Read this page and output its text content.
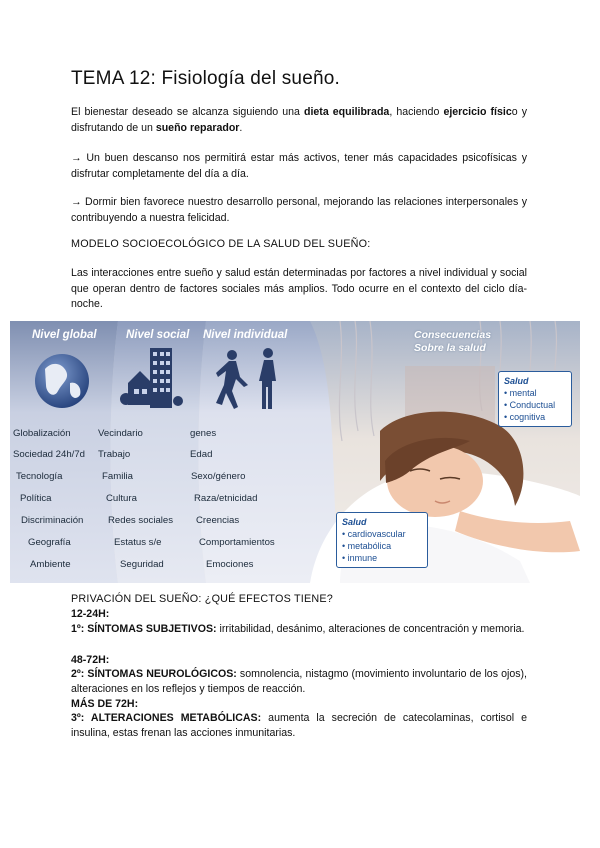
TEMA 12: Fisiología del sueño.

El bienestar deseado se alcanza siguiendo una dieta equilibrada, haciendo ejercicio físico y disfrutando de un sueño reparador.

→ Un buen descanso nos permitirá estar más activos, tener más capacidades psicofísicas y disfrutar completamente del día a día.

→ Dormir bien favorece nuestro desarrollo personal, mejorando las relaciones interpersonales y contribuyendo a nuestra felicidad.

MODELO SOCIOECOLÓGICO DE LA SALUD DEL SUEÑO:

Las interacciones entre sueño y salud están determinadas por factores a nivel individual y social que operan dentro de factores sociales más amplios. Todo ocurre en el contexto del ciclo día-noche.

Nivel global	Nivel social Nivel individual	Consecuencias
Sobre la salud
Globalización
Sociedad 24h/7d
Tecnología
Política
Discriminación
Geografía
Ambiente
Vecindario
Trabajo
Familia
Cultura
Redes sociales
Estatus s/e
Seguridad
genes
Edad
Sexo/género
Raza/etnicidad
Creencias
Comportamientos
Emociones
Salud
• mental
• Conductual
• cognitiva
Salud
• cardiovascular
• metabólica
• inmune

PRIVACIÓN DEL SUEÑO: ¿QUÉ EFECTOS TIENE?

12-24H:

1º: SÍNTOMAS SUBJETIVOS: irritabilidad, desánimo, alteraciones de concentración y memoria.

48-72H:

2º: SÍNTOMAS NEUROLÓGICOS: somnolencia, nistagmo (movimiento involuntario de los ojos), alteraciones en los reflejos y tiempos de reacción.

MÁS DE 72H:

3º: ALTERACIONES METABÓLICAS: aumenta la secreción de catecolaminas, cortisol e insulina, estas frenan las acciones inmunitarias.
